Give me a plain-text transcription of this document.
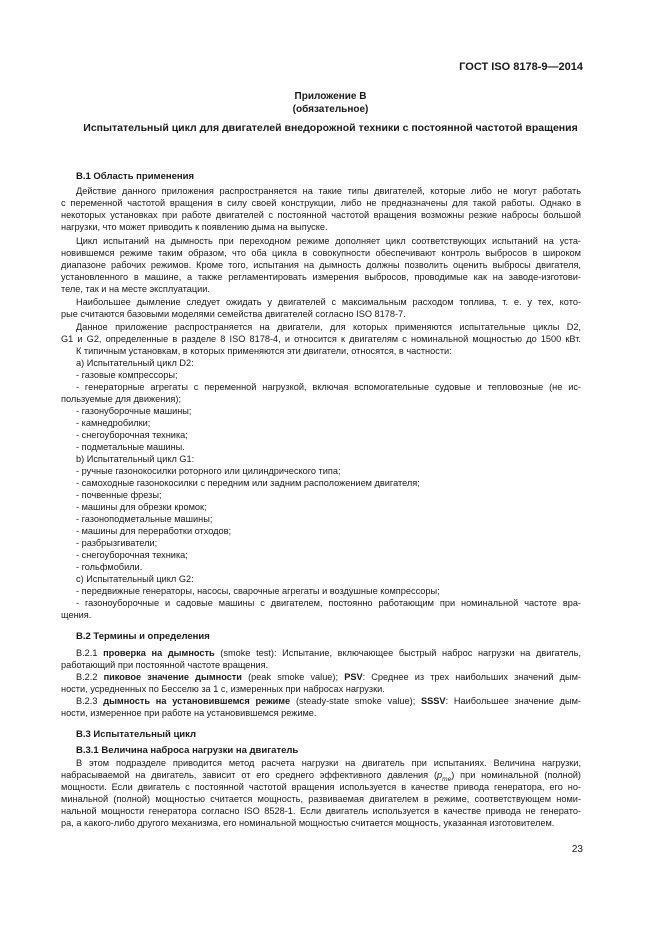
ГОСТ ISO 8178-9—2014
Приложение В
(обязательное)
Испытательный цикл для двигателей внедорожной техники с постоянной частотой вращения
В.1 Область применения
Действие данного приложения распространяется на такие типы двигателей, которые либо не могут работать
с переменной частотой вращения в силу своей конструкции, либо не предназначены для такой работы. Однако в
некоторых установках при работе двигателей с постоянной частотой вращения возможны резкие набросы большой
нагрузки, что может приводить к появлению дыма на выпуске.
Цикл испытаний на дымность при переходном режиме дополняет цикл соответствующих испытаний на уста-
новившемся режиме таким образом, что оба цикла в совокупности обеспечивают контроль выбросов в широком
диапазоне рабочих режимов. Кроме того, испытания на дымность должны позволить оценить выбросы двигателя,
установленного в машине, а также регламентировать измерения выбросов, проводимые как на заводе-изготови-
теле, так и на месте эксплуатации.
Наибольшее дымление следует ожидать у двигателей с максимальным расходом топлива, т. е. у тех, кото-
рые считаются базовыми моделями семейства двигателей согласно ISO 8178-7.
Данное приложение распространяется на двигатели, для которых применяются испытательные циклы D2,
G1 и G2, определенные в разделе 8 ISO 8178-4, и относится к двигателям с номинальной мощностью до 1500 кВт.
К типичным установкам, в которых применяются эти двигатели, относятся, в частности:
a) Испытательный цикл D2:
- газовые компрессоры;
- генераторные агрегаты с переменной нагрузкой, включая вспомогательные судовые и тепловозные (не ис-
пользуемые для движения);
- газонуборочные машины;
- камнедробилки;
- снегоуборочная техника;
- подметальные машины.
b) Испытательный цикл G1:
- ручные газонокосилки роторного или цилиндрического типа;
- самоходные газонокосилки с передним или задним расположением двигателя;
- почвенные фрезы;
- машины для обрезки кромок;
- газоноподметальные машины;
- машины для переработки отходов;
- разбрызгиватели;
- снегоуборочная техника;
- гольфмобили.
c) Испытательный цикл G2:
- передвижные генераторы, насосы, сварочные агрегаты и воздушные компрессоры;
- газоноуборочные и садовые машины с двигателем, постоянно работающим при номинальной частоте вра-
щения.
В.2 Термины и определения
В.2.1 проверка на дымность (smoke test): Испытание, включающее быстрый наброс нагрузки на двигатель,
работающий при постоянной частоте вращения.
В.2.2 пиковое значение дымности (peak smoke value); PSV: Среднее из трех наибольших значений дым-
ности, усредненных по Бесселю за 1 с, измеренных при набросах нагрузки.
В.2.3 дымность на установившемся режиме (steady-state smoke value); SSSV: Наибольшее значение дым-
ности, измеренное при работе на установившемся режиме.
В.3 Испытательный цикл
В.3.1 Величина наброса нагрузки на двигатель
В этом подразделе приводится метод расчета нагрузки на двигатель при испытаниях. Величина нагрузки,
набрасываемой на двигатель, зависит от его среднего эффективного давления $(p_{me})$ при номинальной (полной)
мощности. Если двигатель с постоянной частотой вращения используется в качестве привода генератора, его но-
минальной (полной) мощностью считается мощность, развиваемая двигателем в режиме, соответствующем номи-
нальной мощности генератора согласно ISO 8528-1. Если двигатель используется в качестве привода не генерато-
ра, а какого-либо другого механизма, его номинальной мощностью считается мощность, указанная изготовителем.
23
